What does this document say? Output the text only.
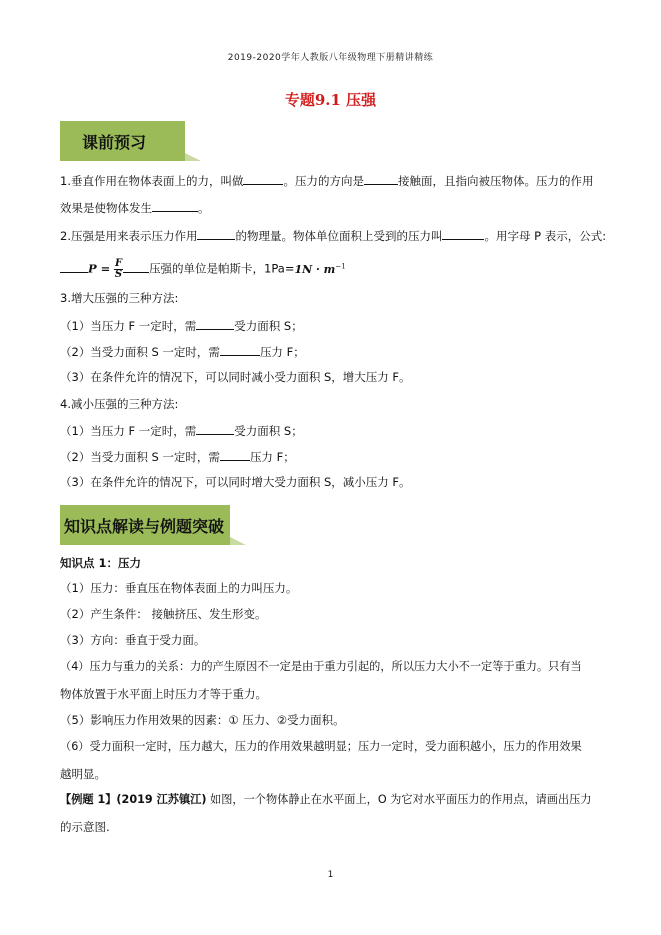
2019-2020学年人教版八年级物理下册精讲精练
专题9.1 压强
课前预习
1.垂直作用在物体表面上的力，叫做	。压力的方向是	接触面，且指向被压物体。压力的作用
效果是使物体发生	。
2.压强是用来表示压力作用	的物理量。物体单位面积上受到的压力叫	。用字母 P 表示，公式:
$P = \frac{F}{S}$ 压强的单位是帕斯卡，$1Pa=1N \cdot m^{-1}$
3.增大压强的三种方法:
（1）当压力 F 一定时，需	受力面积 S；
（2）当受力面积 S 一定时，需	压力 F；
（3）在条件允许的情况下，可以同时减小受力面积 S，增大压力 F。
4.减小压强的三种方法:
（1）当压力 F 一定时，需	受力面积 S；
（2）当受力面积 S 一定时，需	压力 F；
（3）在条件允许的情况下，可以同时增大受力面积 S，减小压力 F。
知识点解读与例题突破
知识点 1：压力
（1）压力：垂直压在物体表面上的力叫压力。
（2）产生条件： 接触挤压、发生形变。
（3）方向：垂直于受力面。
（4）压力与重力的关系：力的产生原因不一定是由于重力引起的，所以压力大小不一定等于重力。只有当
物体放置于水平面上时压力才等于重力。
（5）影响压力作用效果的因素：① 压力、②受力面积。
（6）受力面积一定时，压力越大，压力的作用效果越明显；压力一定时，受力面积越小，压力的作用效果
越明显。
【例题 1】(2019 江苏镇江) 如图，一个物体静止在水平面上，O 为它对水平面压力的作用点，请画出压力
的示意图.
1
